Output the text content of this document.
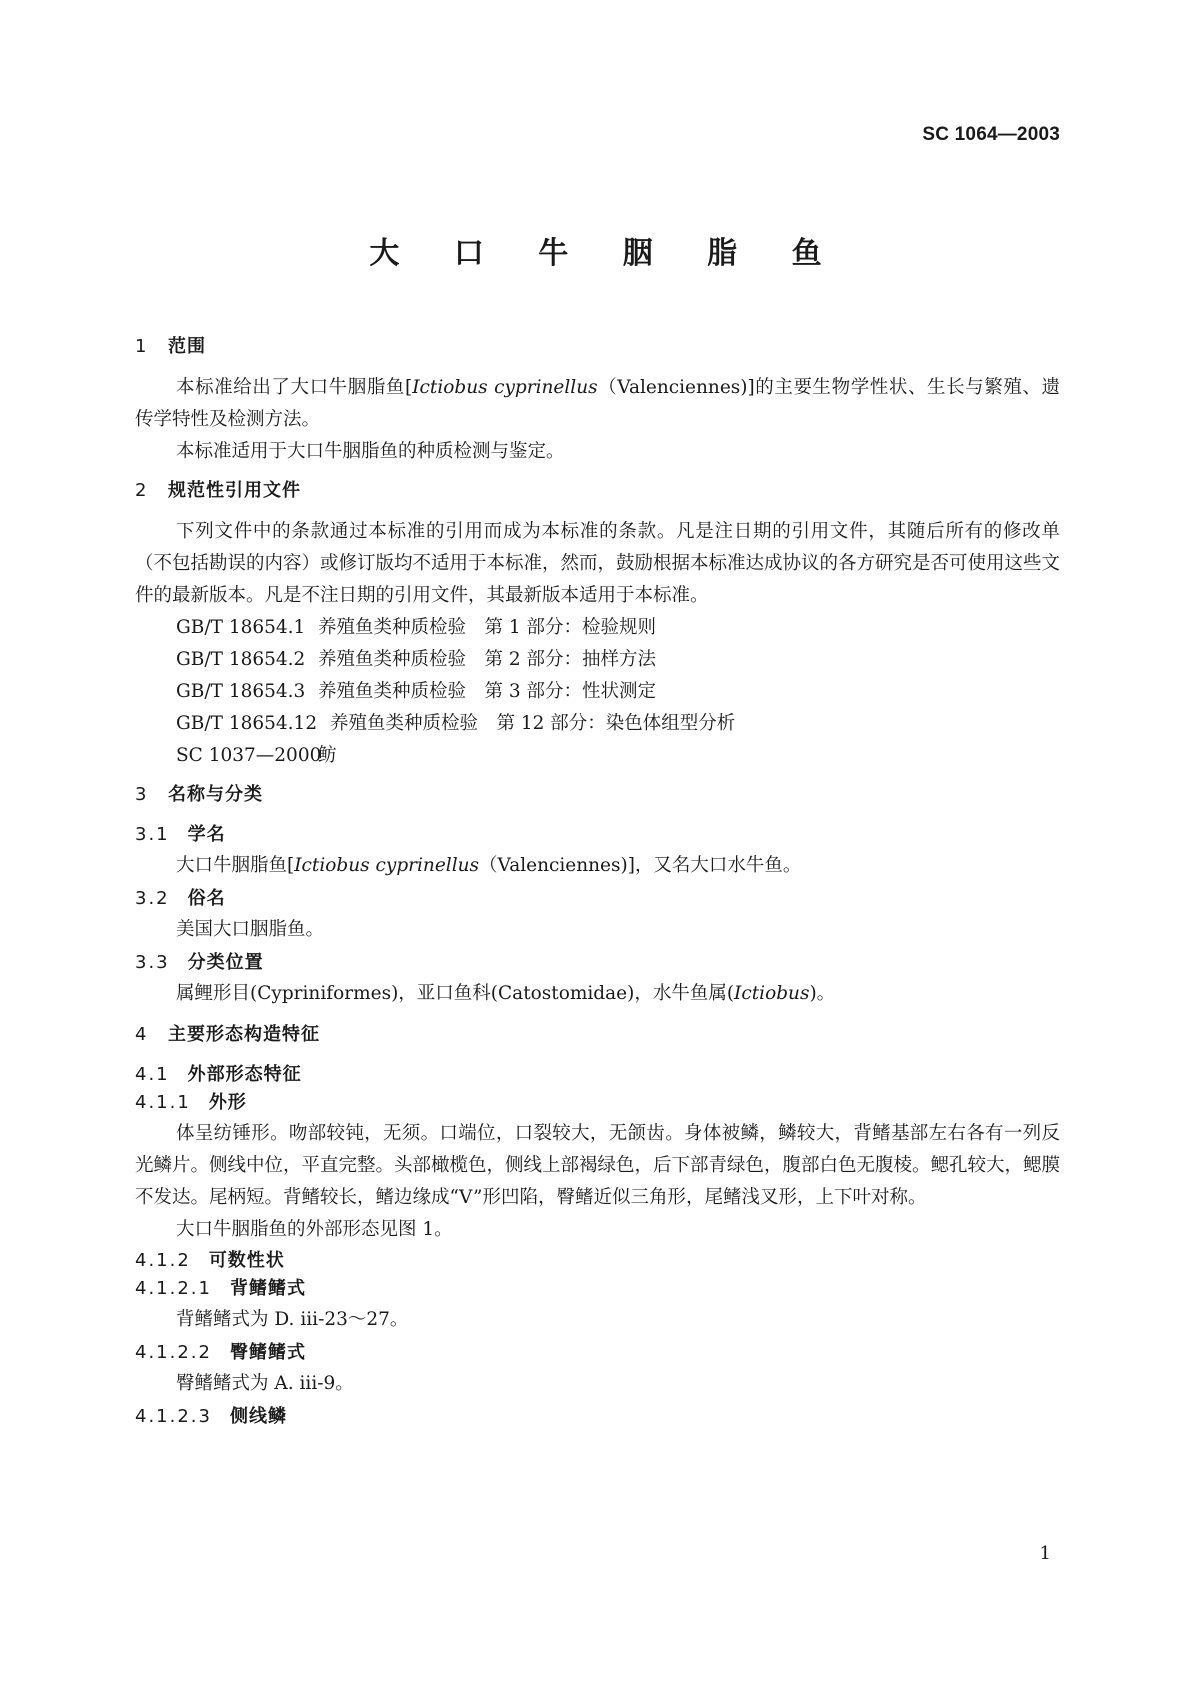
SC 1064—2003
大 口 牛 胭 脂 鱼
1 范围

本标准给出了大口牛胭脂鱼[Ictiobus cyprinellus（Valenciennes)]的主要生物学性状、生长与繁殖、遗传学特性及检测方法。

本标准适用于大口牛胭脂鱼的种质检测与鉴定。

2 规范性引用文件

下列文件中的条款通过本标准的引用而成为本标准的条款。凡是注日期的引用文件，其随后所有的修改单（不包括勘误的内容）或修订版均不适用于本标准，然而，鼓励根据本标准达成协议的各方研究是否可使用这些文件的最新版本。凡是不注日期的引用文件，其最新版本适用于本标准。

GB/T 18654.1 养殖鱼类种质检验　第 1 部分：检验规则

GB/T 18654.2 养殖鱼类种质检验　第 2 部分：抽样方法

GB/T 18654.3 养殖鱼类种质检验　第 3 部分：性状测定

GB/T 18654.12 养殖鱼类种质检验　第 12 部分：染色体组型分析

SC 1037—2000鲂

3 名称与分类
3.1 学名

大口牛胭脂鱼[Ictiobus cyprinellus（Valenciennes)]，又名大口水牛鱼。

3.2 俗名

美国大口胭脂鱼。

3.3 分类位置

属鲤形目(Cypriniformes)，亚口鱼科(Catostomidae)，水牛鱼属(Ictiobus)。

4 主要形态构造特征
4.1 外部形态特征
4.1.1 外形

体呈纺锤形。吻部较钝，无须。口端位，口裂较大，无颌齿。身体被鳞，鳞较大，背鳍基部左右各有一列反光鳞片。侧线中位，平直完整。头部橄榄色，侧线上部褐绿色，后下部青绿色，腹部白色无腹棱。鳃孔较大，鳃膜不发达。尾柄短。背鳍较长，鳍边缘成“V”形凹陷，臀鳍近似三角形，尾鳍浅叉形，上下叶对称。

大口牛胭脂鱼的外部形态见图 1。

4.1.2 可数性状
4.1.2.1 背鳍鳍式

背鳍鳍式为 D. iii-23～27。

4.1.2.2 臀鳍鳍式

臀鳍鳍式为 A. iii-9。

4.1.2.3 侧线鳞
1
